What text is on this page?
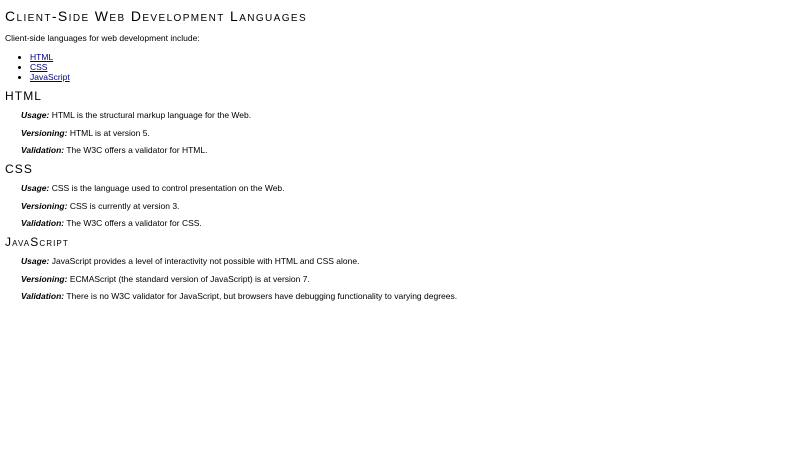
Client-Side Web Development Languages

Client-side languages for web development include:

• HTML
• CSS
• JavaScript
HTML

Usage: HTML is the structural markup language for the Web.

Versioning: HTML is at version 5.

Validation: The W3C offers a validator for HTML.

CSS

Usage: CSS is the language used to control presentation on the Web.

Versioning: CSS is currently at version 3.

Validation: The W3C offers a validator for CSS.

JavaScript

Usage: JavaScript provides a level of interactivity not possible with HTML and CSS alone.

Versioning: ECMAScript (the standard version of JavaScript) is at version 7.

Validation: There is no W3C validator for JavaScript, but browsers have debugging functionality to varying degrees.
